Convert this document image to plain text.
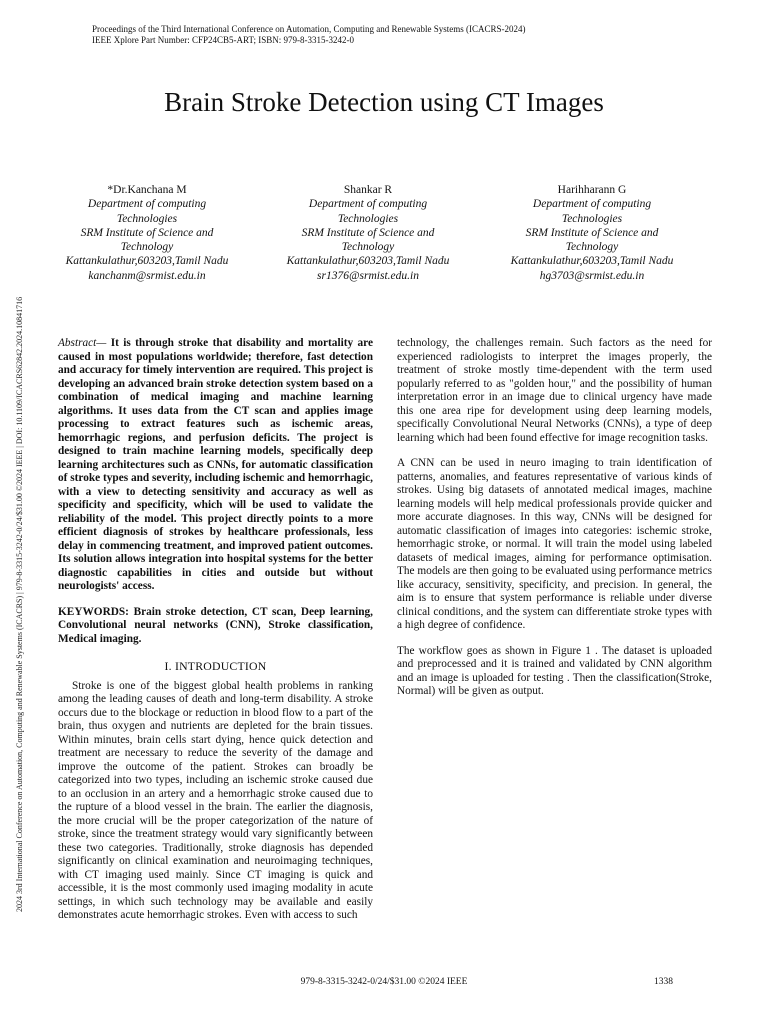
Proceedings of the Third International Conference on Automation, Computing and Renewable Systems (ICACRS-2024)
IEEE Xplore Part Number: CFP24CB5-ART; ISBN: 979-8-3315-3242-0
2024 3rd International Conference on Automation, Computing and Renewable Systems (ICACRS) | 979-8-3315-3242-0/24/$31.00 ©2024 IEEE | DOI: 10.1109/ICACRS62842.2024.10841716
Brain Stroke Detection using CT Images
*Dr.Kanchana M
Department of computing
Technologies
SRM Institute of Science and
Technology
Kattankulathur,603203,Tamil Nadu
kanchanm@srmist.edu.in
Shankar R
Department of computing
Technologies
SRM Institute of Science and
Technology
Kattankulathur,603203,Tamil Nadu
sr1376@srmist.edu.in
Harihharann G
Department of computing
Technologies
SRM Institute of Science and
Technology
Kattankulathur,603203,Tamil Nadu
hg3703@srmist.edu.in

Abstract— It is through stroke that disability and mortality are caused in most populations worldwide; therefore, fast detection and accuracy for timely intervention are required. This project is developing an advanced brain stroke detection system based on a combination of medical imaging and machine learning algorithms. It uses data from the CT scan and applies image processing to extract features such as ischemic areas, hemorrhagic regions, and perfusion deficits. The project is designed to train machine learning models, specifically deep learning architectures such as CNNs, for automatic classification of stroke types and severity, including ischemic and hemorrhagic, with a view to detecting sensitivity and accuracy as well as specificity and specificity, which will be used to validate the reliability of the model. This project directly points to a more efficient diagnosis of strokes by healthcare professionals, less delay in commencing treatment, and improved patient outcomes. Its solution allows integration into hospital systems for the better diagnostic capabilities in cities and outside but without neurologists' access.

KEYWORDS: Brain stroke detection, CT scan, Deep learning, Convolutional neural networks (CNN), Stroke classification, Medical imaging.

I. INTRODUCTION

Stroke is one of the biggest global health problems in ranking among the leading causes of death and long-term disability. A stroke occurs due to the blockage or reduction in blood flow to a part of the brain, thus oxygen and nutrients are depleted for the brain tissues. Within minutes, brain cells start dying, hence quick detection and treatment are necessary to reduce the severity of the damage and improve the outcome of the patient. Strokes can broadly be categorized into two types, including an ischemic stroke caused due to an occlusion in an artery and a hemorrhagic stroke caused due to the rupture of a blood vessel in the brain. The earlier the diagnosis, the more crucial will be the proper categorization of the nature of stroke, since the treatment strategy would vary significantly between these two categories. Traditionally, stroke diagnosis has depended significantly on clinical examination and neuroimaging techniques, with CT imaging used mainly. Since CT imaging is quick and accessible, it is the most commonly used imaging modality in acute settings, in which such technology may be available and easily demonstrates acute hemorrhagic strokes. Even with access to such

technology, the challenges remain. Such factors as the need for experienced radiologists to interpret the images properly, the treatment of stroke mostly time-dependent with the term used popularly referred to as "golden hour," and the possibility of human interpretation error in an image due to clinical urgency have made this one area ripe for development using deep learning models, specifically Convolutional Neural Networks (CNNs), a type of deep learning which had been found effective for image recognition tasks.

A CNN can be used in neuro imaging to train identification of patterns, anomalies, and features representative of various kinds of strokes. Using big datasets of annotated medical images, machine learning models will help medical professionals provide quicker and more accurate diagnoses. In this way, CNNs will be designed for automatic classification of images into categories: ischemic stroke, hemorrhagic stroke, or normal. It will train the model using labeled datasets of medical images, aiming for performance optimisation. The models are then going to be evaluated using performance metrics like accuracy, sensitivity, specificity, and precision. In general, the aim is to ensure that system performance is reliable under diverse clinical conditions, and the system can differentiate stroke types with a high degree of confidence.

The workflow goes as shown in Figure 1 . The dataset is uploaded and preprocessed and it is trained and validated by CNN algorithm and an image is uploaded for testing . Then the classification(Stroke, Normal) will be given as output.

979-8-3315-3242-0/24/$31.00 ©2024 IEEE	1338
